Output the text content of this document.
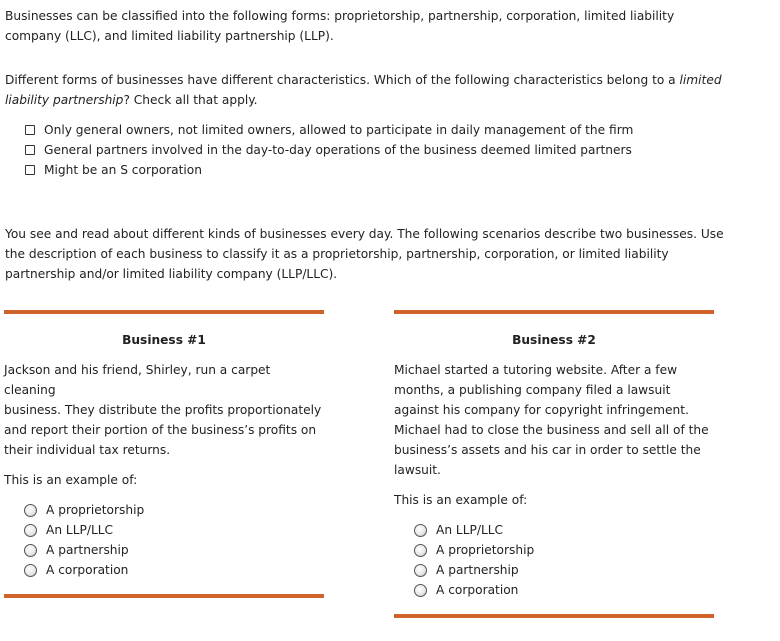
Businesses can be classified into the following forms: proprietorship, partnership, corporation, limited liability
company (LLC), and limited liability partnership (LLP).

Different forms of businesses have different characteristics. Which of the following characteristics belong to a limited
liability partnership? Check all that apply.

Only general owners, not limited owners, allowed to participate in daily management of the firm
General partners involved in the day-to-day operations of the business deemed limited partners
Might be an S corporation

You see and read about different kinds of businesses every day. The following scenarios describe two businesses. Use
the description of each business to classify it as a proprietorship, partnership, corporation, or limited liability
partnership and/or limited liability company (LLP/LLC).

Business #1
Jackson and his friend, Shirley, run a carpet cleaning
business. They distribute the profits proportionately
and report their portion of the business’s profits on
their individual tax returns.
This is an example of:
A proprietorship
An LLP/LLC
A partnership
A corporation
Business #2
Michael started a tutoring website. After a few
months, a publishing company filed a lawsuit
against his company for copyright infringement.
Michael had to close the business and sell all of the
business’s assets and his car in order to settle the
lawsuit.
This is an example of:
An LLP/LLC
A proprietorship
A partnership
A corporation
